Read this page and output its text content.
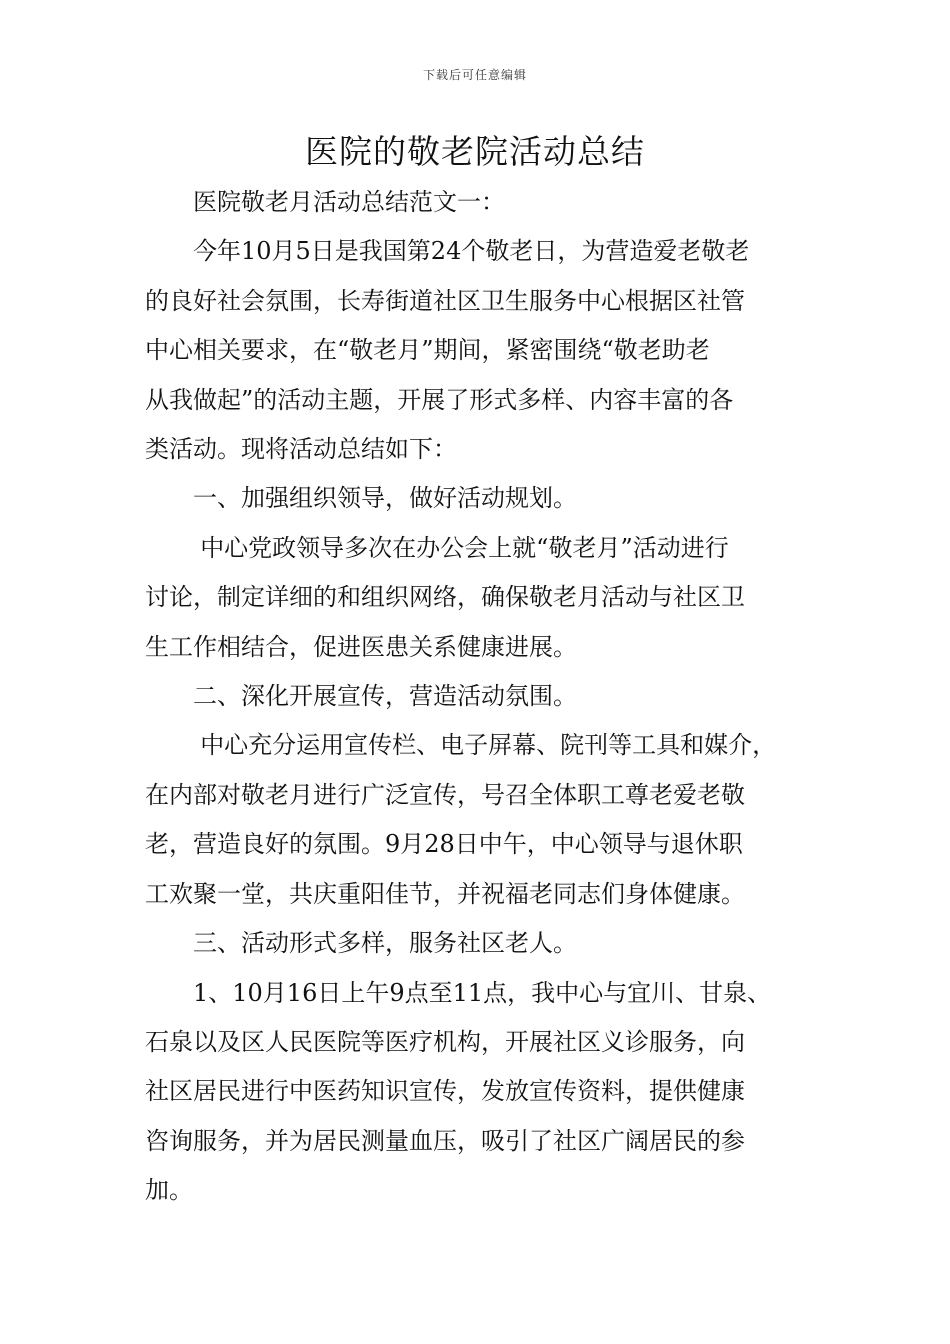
下载后可任意编辑
医院的敬老院活动总结

医院敬老月活动总结范文一：

今年10月5日是我国第24个敬老日，为营造爱老敬老

的良好社会氛围，长寿街道社区卫生服务中心根据区社管

中心相关要求，在“敬老月”期间，紧密围绕“敬老助老

从我做起”的活动主题，开展了形式多样、内容丰富的各

类活动。现将活动总结如下：

一、加强组织领导，做好活动规划。

中心党政领导多次在办公会上就“敬老月”活动进行

讨论，制定详细的和组织网络，确保敬老月活动与社区卫

生工作相结合，促进医患关系健康进展。

二、深化开展宣传，营造活动氛围。

中心充分运用宣传栏、电子屏幕、院刊等工具和媒介，

在内部对敬老月进行广泛宣传，号召全体职工尊老爱老敬

老，营造良好的氛围。9月28日中午，中心领导与退休职

工欢聚一堂，共庆重阳佳节，并祝福老同志们身体健康。

三、活动形式多样，服务社区老人。

1、10月16日上午9点至11点，我中心与宜川、甘泉、

石泉以及区人民医院等医疗机构，开展社区义诊服务，向

社区居民进行中医药知识宣传，发放宣传资料，提供健康

咨询服务，并为居民测量血压，吸引了社区广阔居民的参

加。
